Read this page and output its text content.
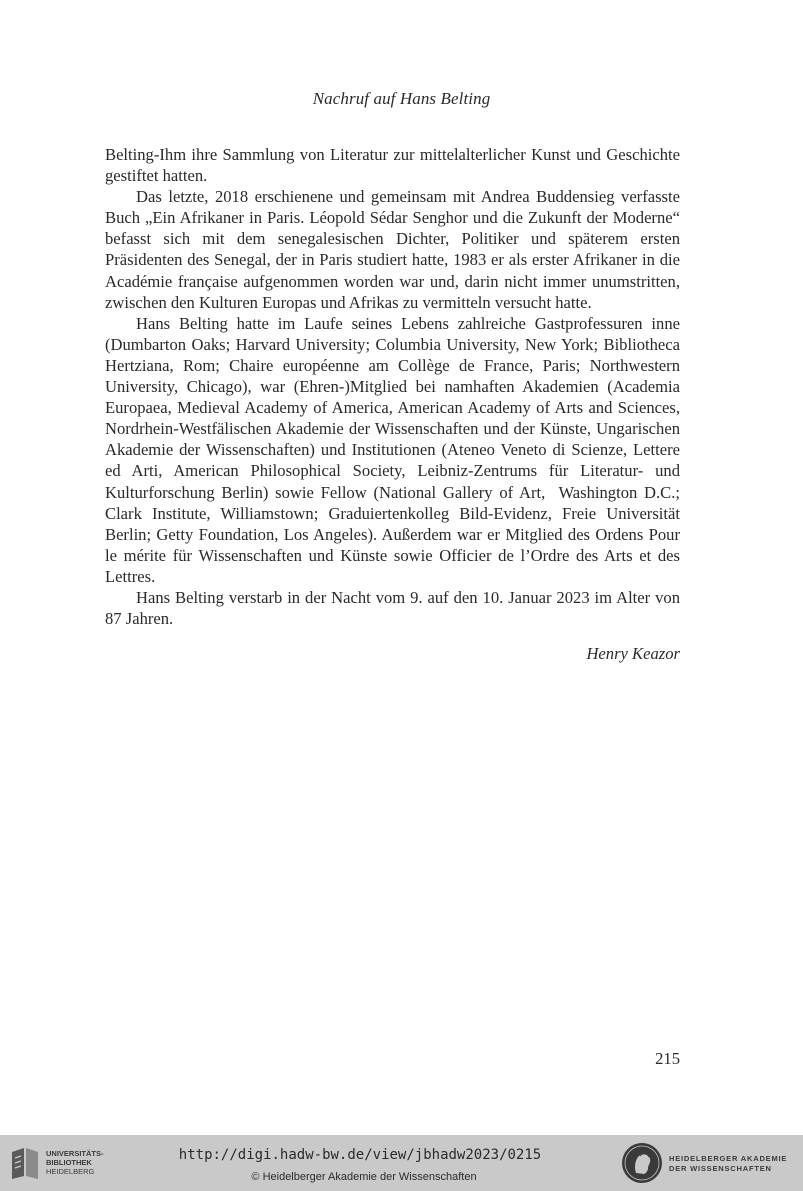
Nachruf auf Hans Belting

Belting-Ihm ihre Sammlung von Literatur zur mittelalterlicher Kunst und Geschichte gestiftet hatten.

Das letzte, 2018 erschienene und gemeinsam mit Andrea Buddensieg verfasste Buch „Ein Afrikaner in Paris. Léopold Sédar Senghor und die Zukunft der Moderne“ befasst sich mit dem senegalesischen Dichter, Politiker und späterem ersten Präsidenten des Senegal, der in Paris studiert hatte, 1983 er als erster Afrikaner in die Académie française aufgenommen worden war und, darin nicht immer unumstritten, zwischen den Kulturen Europas und Afrikas zu vermitteln versucht hatte.

Hans Belting hatte im Laufe seines Lebens zahlreiche Gastprofessuren inne (Dumbarton Oaks; Harvard University; Columbia University, New York; Bibliotheca Hertziana, Rom; Chaire européenne am Collège de France, Paris; Northwestern University, Chicago), war (Ehren-)Mitglied bei namhaften Akademien (Academia Europaea, Medieval Academy of America, American Academy of Arts and Sciences, Nordrhein-Westfälischen Akademie der Wissenschaften und der Künste, Ungarischen Akademie der Wissenschaften) und Institutionen (Ateneo Veneto di Scienze, Lettere ed Arti, American Philosophical Society, Leibniz-Zentrums für Literatur- und Kulturforschung Berlin) sowie Fellow (National Gallery of Art,  Washington D.C.; Clark Institute, Williamstown; Graduiertenkolleg Bild-Evidenz, Freie Universität Berlin; Getty Foundation, Los Angeles). Außerdem war er Mitglied des Ordens Pour le mérite für Wissenschaften und Künste sowie Officier de l’Ordre des Arts et des Lettres.

Hans Belting verstarb in der Nacht vom 9. auf den 10. Januar 2023 im Alter von 87 Jahren.

Henry Keazor
215
UNIVERSITÄTS-
BIBLIOTHEK
HEIDELBERG
http://digi.hadw-bw.de/view/jbhadw2023/0215
© Heidelberger Akademie der Wissenschaften
HEIDELBERGER AKADEMIE
DER WISSENSCHAFTEN
